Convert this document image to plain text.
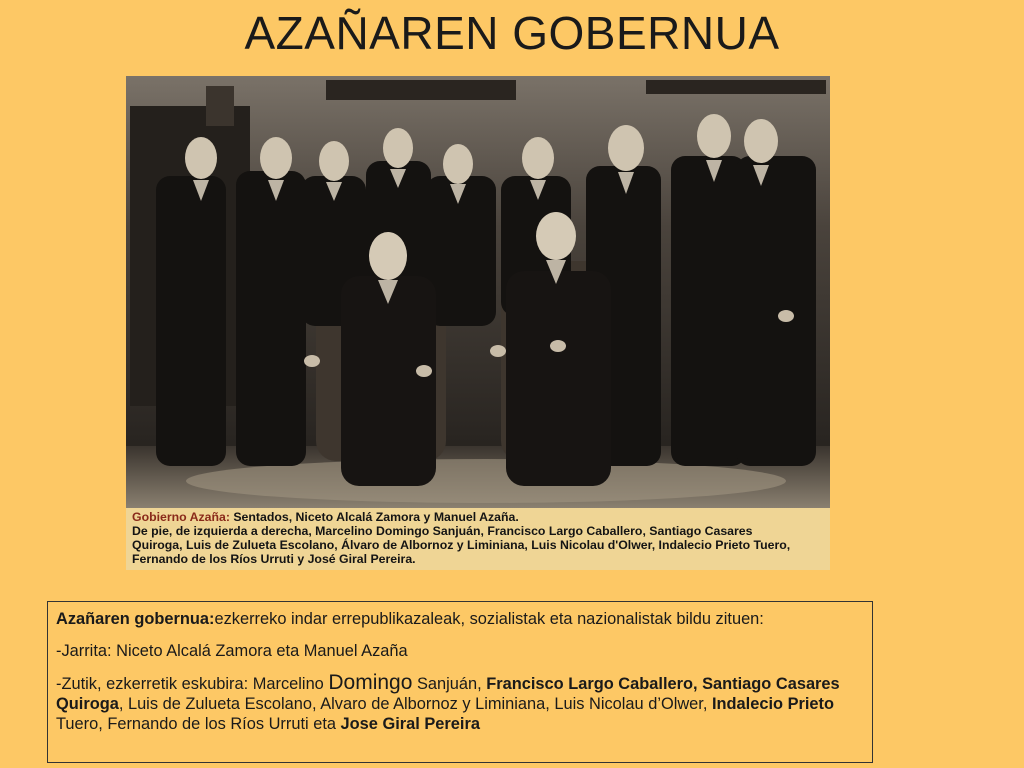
AZAÑAREN GOBERNUA
Gobierno Azaña: Sentados, Niceto Alcalá Zamora y Manuel Azaña.
De pie, de izquierda a derecha, Marcelino Domingo Sanjuán, Francisco Largo Caballero, Santiago Casares
Quiroga, Luis de Zulueta Escolano, Álvaro de Albornoz y Liminiana, Luis Nicolau d'Olwer, Indalecio Prieto Tuero,
Fernando de los Ríos Urruti y José Giral Pereira.

Azañaren gobernua:ezkerreko indar errepublikazaleak, sozialistak eta nazionalistak bildu zituen:

-Jarrita: Niceto Alcalá Zamora eta Manuel Azaña

-Zutik, ezkerretik eskubira: Marcelino Domingo Sanjuán, Francisco Largo Caballero, Santiago Casares Quiroga, Luis de Zulueta Escolano, Alvaro de Albornoz y Liminiana, Luis Nicolau d’Olwer, Indalecio Prieto Tuero, Fernando de los Ríos Urruti eta Jose Giral Pereira
